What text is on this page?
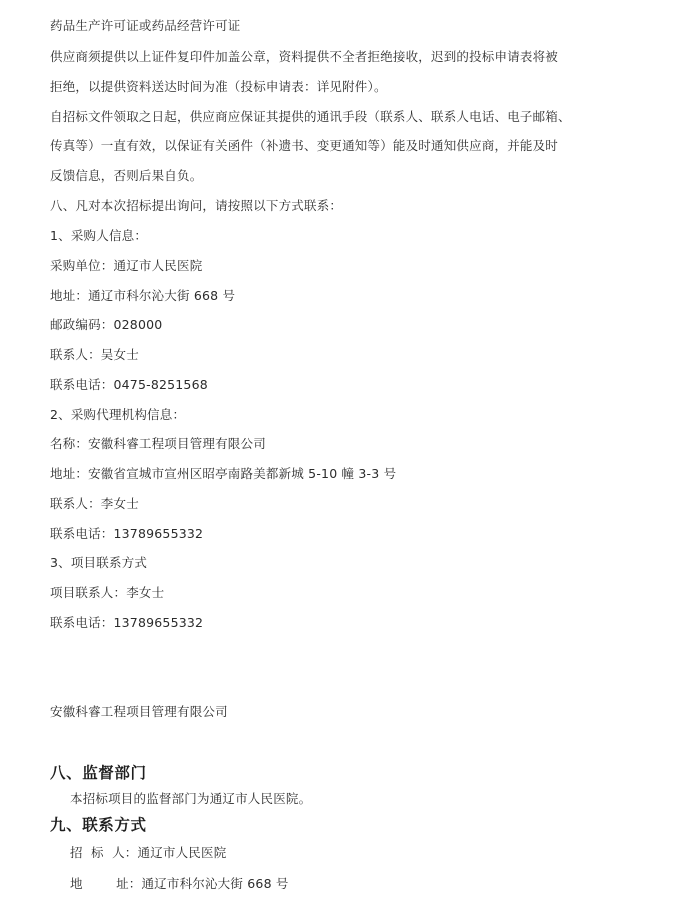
药品生产许可证或药品经营许可证
供应商须提供以上证件复印件加盖公章，资料提供不全者拒绝接收，迟到的投标申请表将被
拒绝，以提供资料送达时间为准（投标申请表：详见附件）。
自招标文件领取之日起，供应商应保证其提供的通讯手段（联系人、联系人电话、电子邮箱、
传真等）一直有效，以保证有关函件（补遗书、变更通知等）能及时通知供应商，并能及时
反馈信息，否则后果自负。
八、凡对本次招标提出询问，请按照以下方式联系：
1、采购人信息：
采购单位：通辽市人民医院
地址：通辽市科尔沁大街 668 号
邮政编码：028000
联系人：吴女士
联系电话：0475-8251568
2、采购代理机构信息：
名称：安徽科睿工程项目管理有限公司
地址：安徽省宣城市宣州区昭亭南路美都新城 5-10 幢 3-3 号
联系人：李女士
联系电话：13789655332
3、项目联系方式
项目联系人：李女士
联系电话：13789655332
安徽科睿工程项目管理有限公司
八、监督部门
本招标项目的监督部门为通辽市人民医院。
九、联系方式
招  标  人：通辽市人民医院
地        址：通辽市科尔沁大街 668 号
